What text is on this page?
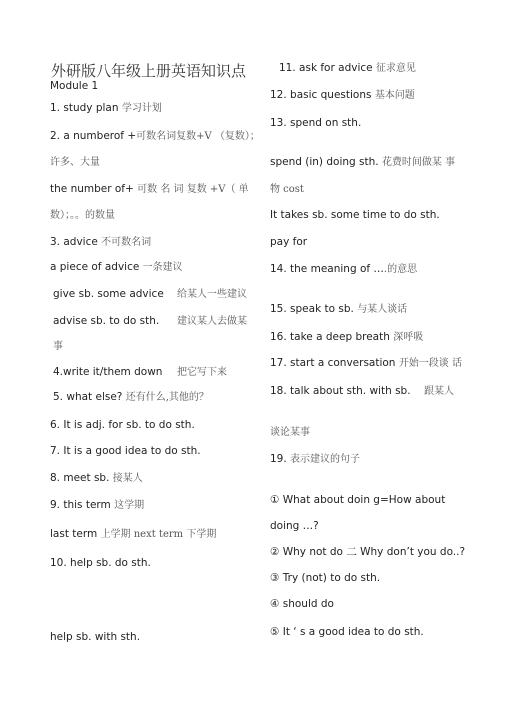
外研版八年级上册英语知识点
Module 1
1. study plan 学习计划
2. a numberof +可数名词复数+V （复数）；
许多、大量
the number of+ 可数 名 词 复数 +V（ 单
数）；。。的数量
3. advice 不可数名词
a piece of advice 一条建议
give sb. some advice 给某人一些建议
advise sb. to do sth. 建议某人去做某
事
4.write it/them down 把它写下来
5. what else? 还有什么,其他的？
6. It is adj. for sb. to do sth.
7. It is a good idea to do sth.
8. meet sb. 接某人
9. this term 这学期
last term 上学期 next term 下学期
10. help sb. do sth.
help sb. with sth.
11. ask for advice 征求意见
12. basic questions 基本问题
13. spend on sth.
spend (in) doing sth. 花费时间做某 事
物 cost
It takes sb. some time to do sth.
pay for
14. the meaning of ….的意思
15. speak to sb. 与某人谈话
16. take a deep breath 深呼吸
17. start a conversation 开始一段谈 话
18. talk about sth. with sb. 跟某人
谈论某事
19. 表示建议的句子
① What about doin g=How about
doing …?
② Why not do 二 Why don’t you do..?
③ Try (not) to do sth.
④ should do
⑤ It ‘ s a good idea to do sth.
